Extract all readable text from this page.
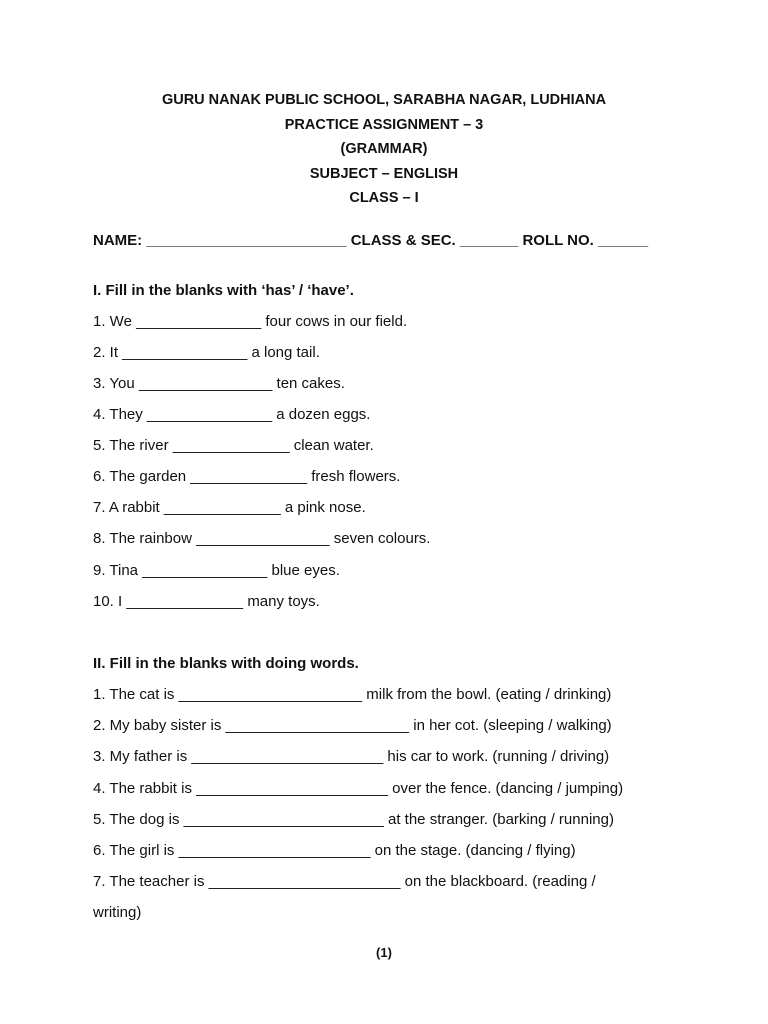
GURU NANAK PUBLIC SCHOOL, SARABHA NAGAR, LUDHIANA
PRACTICE ASSIGNMENT – 3
(GRAMMAR)
SUBJECT – ENGLISH
CLASS – I
NAME: ________________________ CLASS & SEC. _______ ROLL NO. ______
I. Fill in the blanks with ‘has’ / ‘have’.
1. We _______________ four cows in our field.
2. It _______________ a long tail.
3. You ________________ ten cakes.
4. They _______________ a dozen eggs.
5. The river ______________ clean water.
6. The garden ______________ fresh flowers.
7. A rabbit ______________ a pink nose.
8. The rainbow ________________ seven colours.
9. Tina _______________ blue eyes.
10. I ______________ many toys.
II. Fill in the blanks with doing words.
1. The cat is ______________________ milk from the bowl. (eating / drinking)
2. My baby sister is ______________________ in her cot. (sleeping / walking)
3. My father is _______________________ his car to work. (running / driving)
4. The rabbit is _______________________ over the fence. (dancing / jumping)
5. The dog is ________________________ at the stranger. (barking / running)
6. The girl is _______________________ on the stage. (dancing / flying)
7. The teacher is _______________________ on the blackboard. (reading /
writing)
(1)
